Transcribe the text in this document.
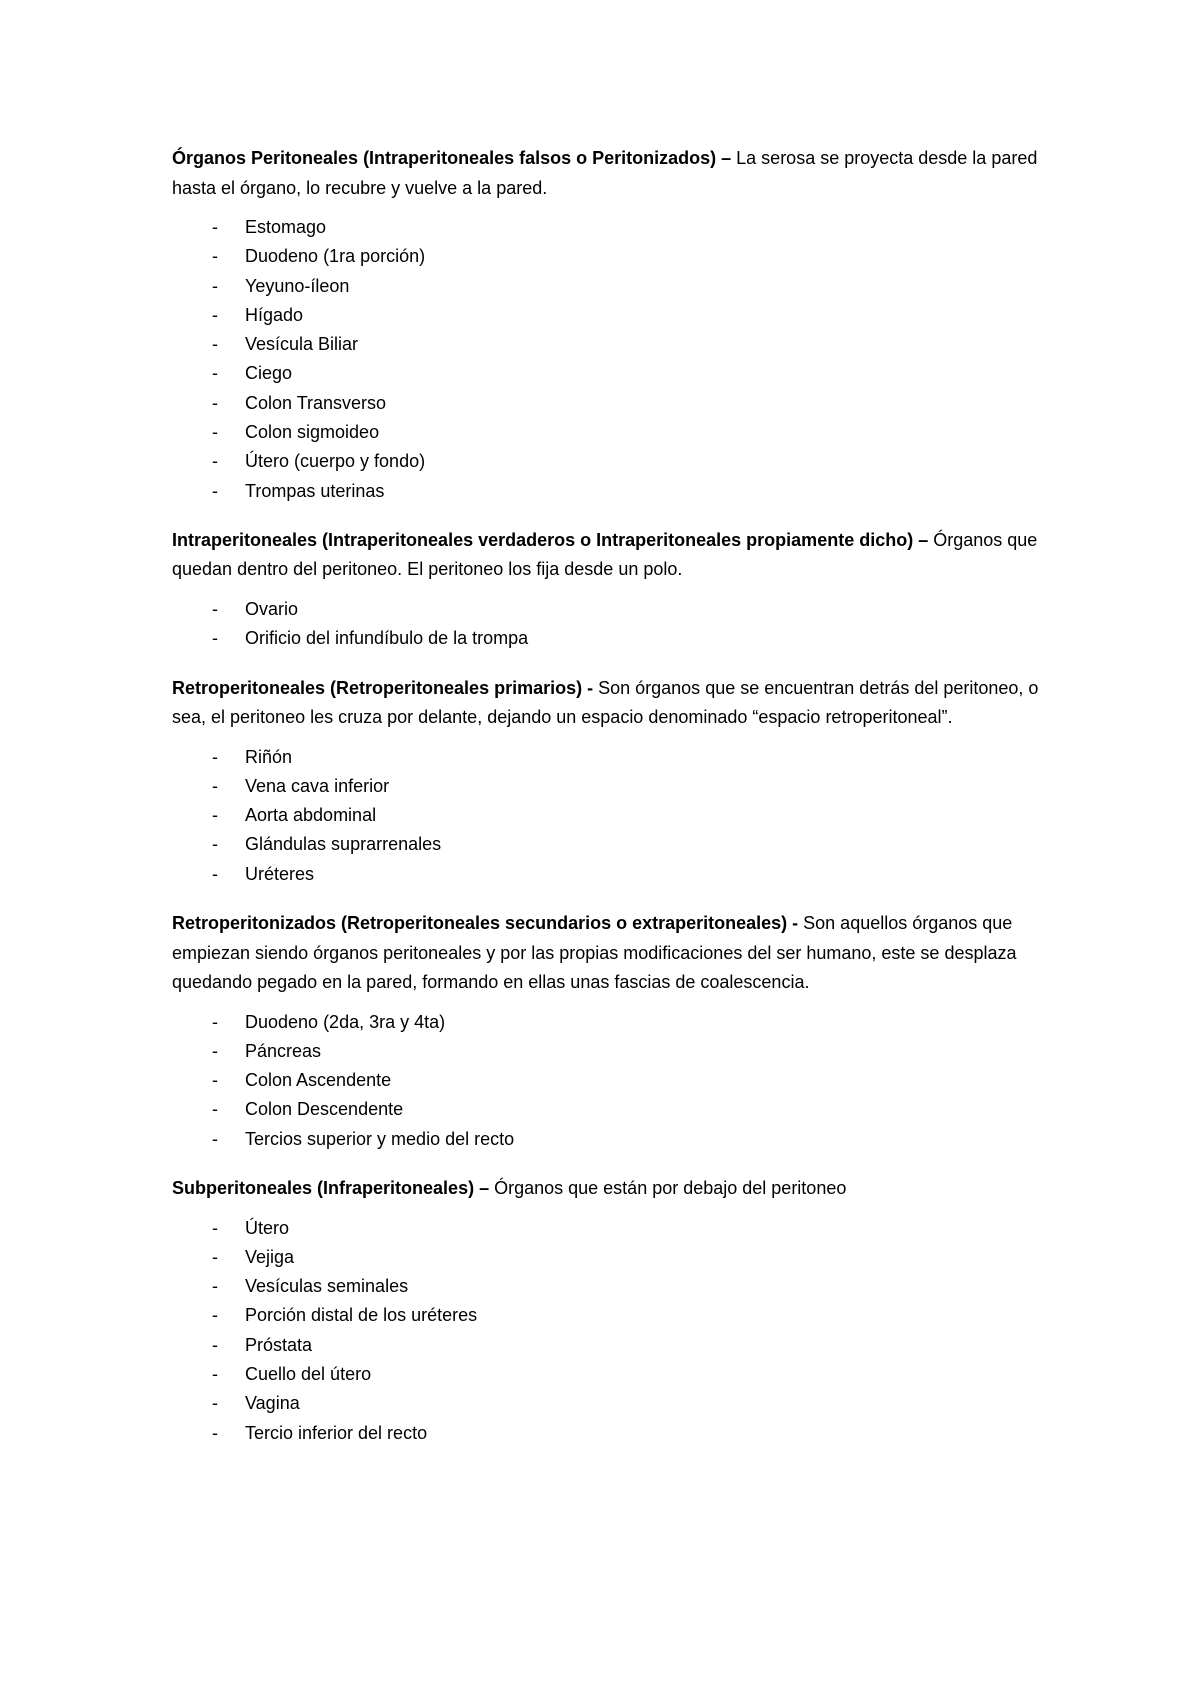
Órganos Peritoneales (Intraperitoneales falsos o Peritonizados) – La serosa se proyecta desde la pared hasta el órgano, lo recubre y vuelve a la pared.

- Estomago
- Duodeno (1ra porción)
- Yeyuno-íleon
- Hígado
- Vesícula Biliar
- Ciego
- Colon Transverso
- Colon sigmoideo
- Útero (cuerpo y fondo)
- Trompas uterinas

Intraperitoneales (Intraperitoneales verdaderos o Intraperitoneales propiamente dicho) – Órganos que quedan dentro del peritoneo. El peritoneo los fija desde un polo.

- Ovario
- Orificio del infundíbulo de la trompa

Retroperitoneales (Retroperitoneales primarios) - Son órganos que se encuentran detrás del peritoneo, o sea, el peritoneo les cruza por delante, dejando un espacio denominado “espacio retroperitoneal”.

- Riñón
- Vena cava inferior
- Aorta abdominal
- Glándulas suprarrenales
- Uréteres

Retroperitonizados (Retroperitoneales secundarios o extraperitoneales) - Son aquellos órganos que empiezan siendo órganos peritoneales y por las propias modificaciones del ser humano, este se desplaza quedando pegado en la pared, formando en ellas unas fascias de coalescencia.

- Duodeno (2da, 3ra y 4ta)
- Páncreas
- Colon Ascendente
- Colon Descendente
- Tercios superior y medio del recto

Subperitoneales (Infraperitoneales) – Órganos que están por debajo del peritoneo

- Útero
- Vejiga
- Vesículas seminales
- Porción distal de los uréteres
- Próstata
- Cuello del útero
- Vagina
- Tercio inferior del recto
